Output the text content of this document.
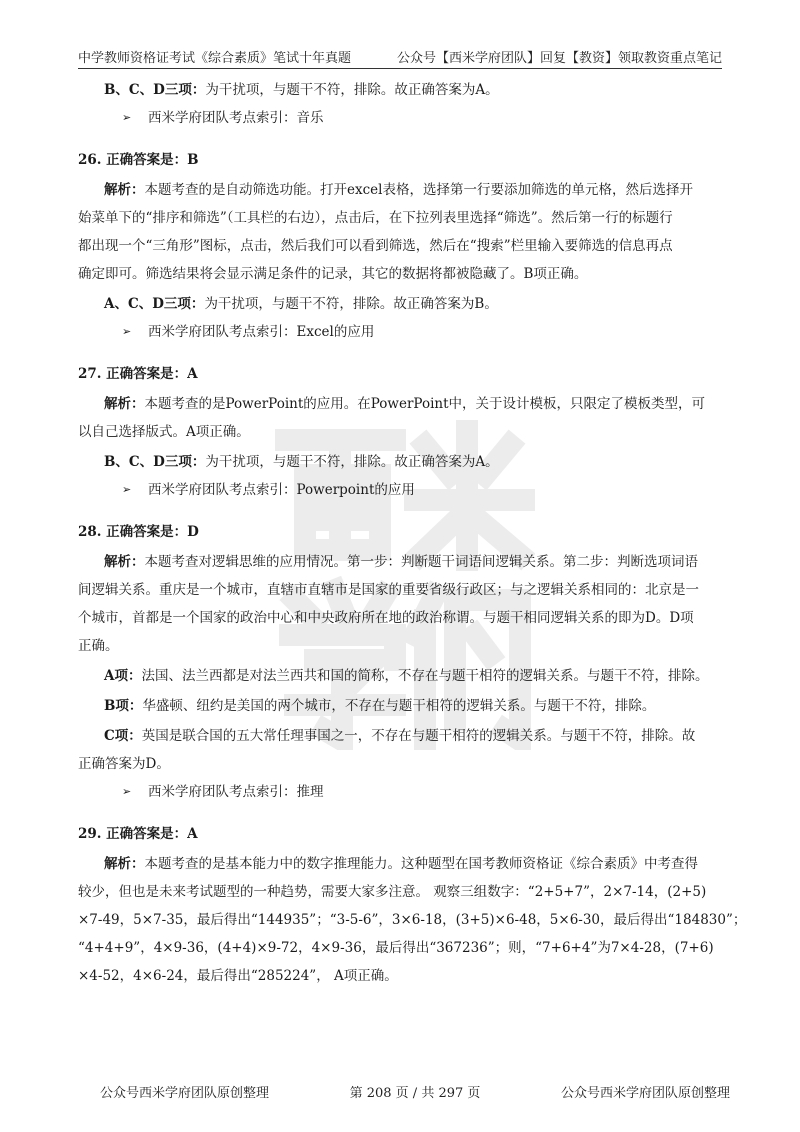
中学教师资格证考试《综合素质》笔试十年真题	公众号【西米学府团队】回复【教资】领取教资重点笔记
B、C、D三项：为干扰项，与题干不符，排除。故正确答案为A。
➢	西米学府团队考点索引：音乐
26. 正确答案是：B
解析：本题考查的是自动筛选功能。打开excel表格，选择第一行要添加筛选的单元格，然后选择开
始菜单下的“排序和筛选”（工具栏的右边），点击后，在下拉列表里选择“筛选”。然后第一行的标题行
都出现一个“三角形”图标，点击，然后我们可以看到筛选，然后在“搜索”栏里输入要筛选的信息再点
确定即可。筛选结果将会显示满足条件的记录，其它的数据将都被隐藏了。B项正确。
A、C、D三项：为干扰项，与题干不符，排除。故正确答案为B。
➢	西米学府团队考点索引：Excel的应用
27. 正确答案是：A
解析：本题考查的是PowerPoint的应用。在PowerPoint中，关于设计模板，只限定了模板类型，可
以自己选择版式。A项正确。
B、C、D三项：为干扰项，与题干不符，排除。故正确答案为A。
➢	西米学府团队考点索引：Powerpoint的应用
28. 正确答案是：D
解析：本题考查对逻辑思维的应用情况。第一步：判断题干词语间逻辑关系。第二步：判断选项词语
间逻辑关系。重庆是一个城市，直辖市直辖市是国家的重要省级行政区；与之逻辑关系相同的：北京是一
个城市，首都是一个国家的政治中心和中央政府所在地的政治称谓。与题干相同逻辑关系的即为D。D项
正确。
A项：法国、法兰西都是对法兰西共和国的简称，不存在与题干相符的逻辑关系。与题干不符，排除。
B项：华盛顿、纽约是美国的两个城市，不存在与题干相符的逻辑关系。与题干不符，排除。
C项：英国是联合国的五大常任理事国之一，不存在与题干相符的逻辑关系。与题干不符，排除。故
正确答案为D。
➢	西米学府团队考点索引：推理
29. 正确答案是：A
解析：本题考查的是基本能力中的数字推理能力。这种题型在国考教师资格证《综合素质》中考查得
较少，但也是未来考试题型的一种趋势，需要大家多注意。 观察三组数字：“2+5+7”，2×7-14，(2+5)
×7-49，5×7-35，最后得出“144935”；“3-5-6”，3×6-18，(3+5)×6-48，5×6-30，最后得出“184830”；
“4+4+9”，4×9-36，(4+4)×9-72，4×9-36，最后得出“367236”；则，“7+6+4”为7×4-28，(7+6)
×4-52，4×6-24，最后得出“285224”， A项正确。
公众号西米学府团队原创整理	第 208 页 / 共 297 页	公众号西米学府团队原创整理
